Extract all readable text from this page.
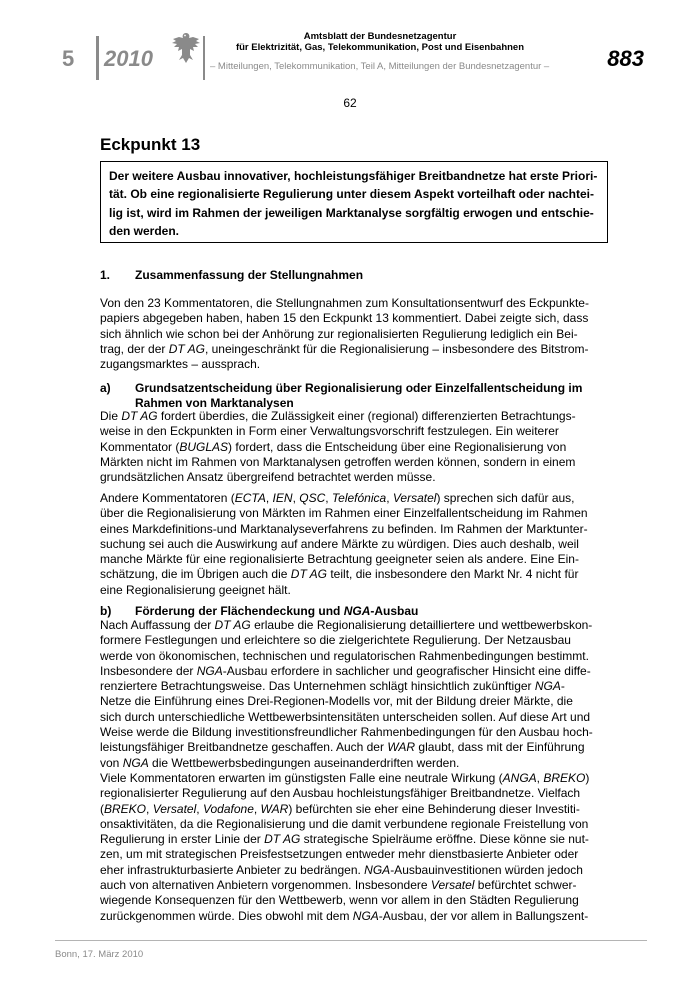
5 2010
Amtsblatt der Bundesnetzagentur
für Elektrizität, Gas, Telekommunikation, Post und Eisenbahnen
– Mitteilungen, Telekommunikation, Teil A, Mitteilungen der Bundesnetzagentur –	883
62
Eckpunkt 13
Der weitere Ausbau innovativer, hochleistungsfähiger Breitbandnetze hat erste Priori-
tät. Ob eine regionalisierte Regulierung unter diesem Aspekt vorteilhaft oder nachtei-
lig ist, wird im Rahmen der jeweiligen Marktanalyse sorgfältig erwogen und entschie-
den werden.
1. Zusammenfassung der Stellungnahmen
Von den 23 Kommentatoren, die Stellungnahmen zum Konsultationsentwurf des Eckpunkte-
papiers abgegeben haben, haben 15 den Eckpunkt 13 kommentiert. Dabei zeigte sich, dass
sich ähnlich wie schon bei der Anhörung zur regionalisierten Regulierung lediglich ein Bei-
trag, der der DT AG, uneingeschränkt für die Regionalisierung – insbesondere des Bitstrom-
zugangsmarktes – aussprach.
a) Grundsatzentscheidung über Regionalisierung oder Einzelfallentscheidung im
Rahmen von Marktanalysen
Die DT AG fordert überdies, die Zulässigkeit einer (regional) differenzierten Betrachtungs-
weise in den Eckpunkten in Form einer Verwaltungsvorschrift festzulegen. Ein weiterer
Kommentator (BUGLAS) fordert, dass die Entscheidung über eine Regionalisierung von
Märkten nicht im Rahmen von Marktanalysen getroffen werden können, sondern in einem
grundsätzlichen Ansatz übergreifend betrachtet werden müsse.
Andere Kommentatoren (ECTA, IEN, QSC, Telefónica, Versatel) sprechen sich dafür aus,
über die Regionalisierung von Märkten im Rahmen einer Einzelfallentscheidung im Rahmen
eines Markdefinitions-und Marktanalyseverfahrens zu befinden. Im Rahmen der Marktunter-
suchung sei auch die Auswirkung auf andere Märkte zu würdigen. Dies auch deshalb, weil
manche Märkte für eine regionalisierte Betrachtung geeigneter seien als andere. Eine Ein-
schätzung, die im Übrigen auch die DT AG teilt, die insbesondere den Markt Nr. 4 nicht für
eine Regionalisierung geeignet hält.
b) Förderung der Flächendeckung und NGA-Ausbau
Nach Auffassung der DT AG erlaube die Regionalisierung detailliertere und wettbewerbskon-
formere Festlegungen und erleichtere so die zielgerichtete Regulierung. Der Netzausbau
werde von ökonomischen, technischen und regulatorischen Rahmenbedingungen bestimmt.
Insbesondere der NGA-Ausbau erfordere in sachlicher und geografischer Hinsicht eine diffe-
renziertere Betrachtungsweise. Das Unternehmen schlägt hinsichtlich zukünftiger NGA-
Netze die Einführung eines Drei-Regionen-Modells vor, mit der Bildung dreier Märkte, die
sich durch unterschiedliche Wettbewerbsintensitäten unterscheiden sollen. Auf diese Art und
Weise werde die Bildung investitionsfreundlicher Rahmenbedingungen für den Ausbau hoch-
leistungsfähiger Breitbandnetze geschaffen. Auch der WAR glaubt, dass mit der Einführung
von NGA die Wettbewerbsbedingungen auseinanderdriften werden.
Viele Kommentatoren erwarten im günstigsten Falle eine neutrale Wirkung (ANGA, BREKO)
regionalisierter Regulierung auf den Ausbau hochleistungsfähiger Breitbandnetze. Vielfach
(BREKO, Versatel, Vodafone, WAR) befürchten sie eher eine Behinderung dieser Investiti-
onsaktivitäten, da die Regionalisierung und die damit verbundene regionale Freistellung von
Regulierung in erster Linie der DT AG strategische Spielräume eröffne. Diese könne sie nut-
zen, um mit strategischen Preisfestsetzungen entweder mehr dienstbasierte Anbieter oder
eher infrastrukturbasierte Anbieter zu bedrängen. NGA-Ausbauinvestitionen würden jedoch
auch von alternativen Anbietern vorgenommen. Insbesondere Versatel befürchtet schwer-
wiegende Konsequenzen für den Wettbewerb, wenn vor allem in den Städten Regulierung
zurückgenommen würde. Dies obwohl mit dem NGA-Ausbau, der vor allem in Ballungszent-
Bonn, 17. März 2010
